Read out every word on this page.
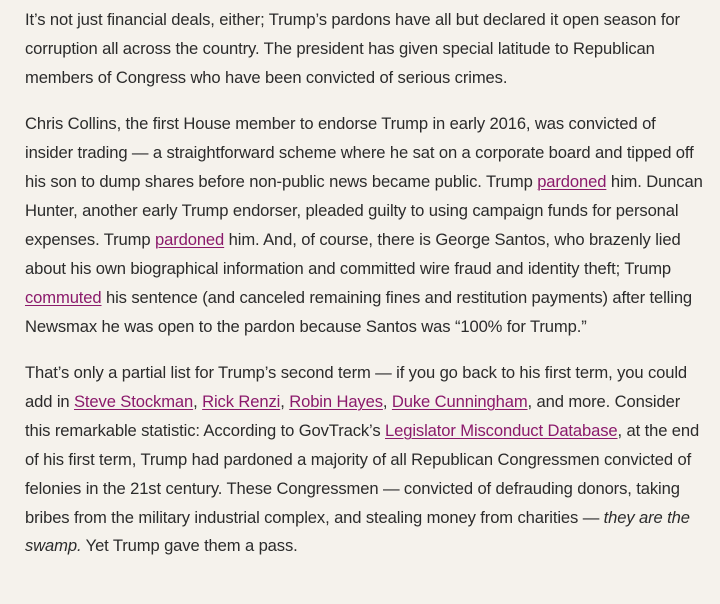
It’s not just financial deals, either; Trump’s pardons have all but declared it open season for corruption all across the country. The president has given special latitude to Republican members of Congress who have been convicted of serious crimes.

Chris Collins, the first House member to endorse Trump in early 2016, was convicted of insider trading — a straightforward scheme where he sat on a corporate board and tipped off his son to dump shares before non-public news became public. Trump pardoned him. Duncan Hunter, another early Trump endorser, pleaded guilty to using campaign funds for personal expenses. Trump pardoned him. And, of course, there is George Santos, who brazenly lied about his own biographical information and committed wire fraud and identity theft; Trump commuted his sentence (and canceled remaining fines and restitution payments) after telling Newsmax he was open to the pardon because Santos was “100% for Trump.”

That’s only a partial list for Trump’s second term — if you go back to his first term, you could add in Steve Stockman, Rick Renzi, Robin Hayes, Duke Cunningham, and more. Consider this remarkable statistic: According to GovTrack’s Legislator Misconduct Database, at the end of his first term, Trump had pardoned a majority of all Republican Congressmen convicted of felonies in the 21st century. These Congressmen — convicted of defrauding donors, taking bribes from the military industrial complex, and stealing money from charities — they are the swamp. Yet Trump gave them a pass.
